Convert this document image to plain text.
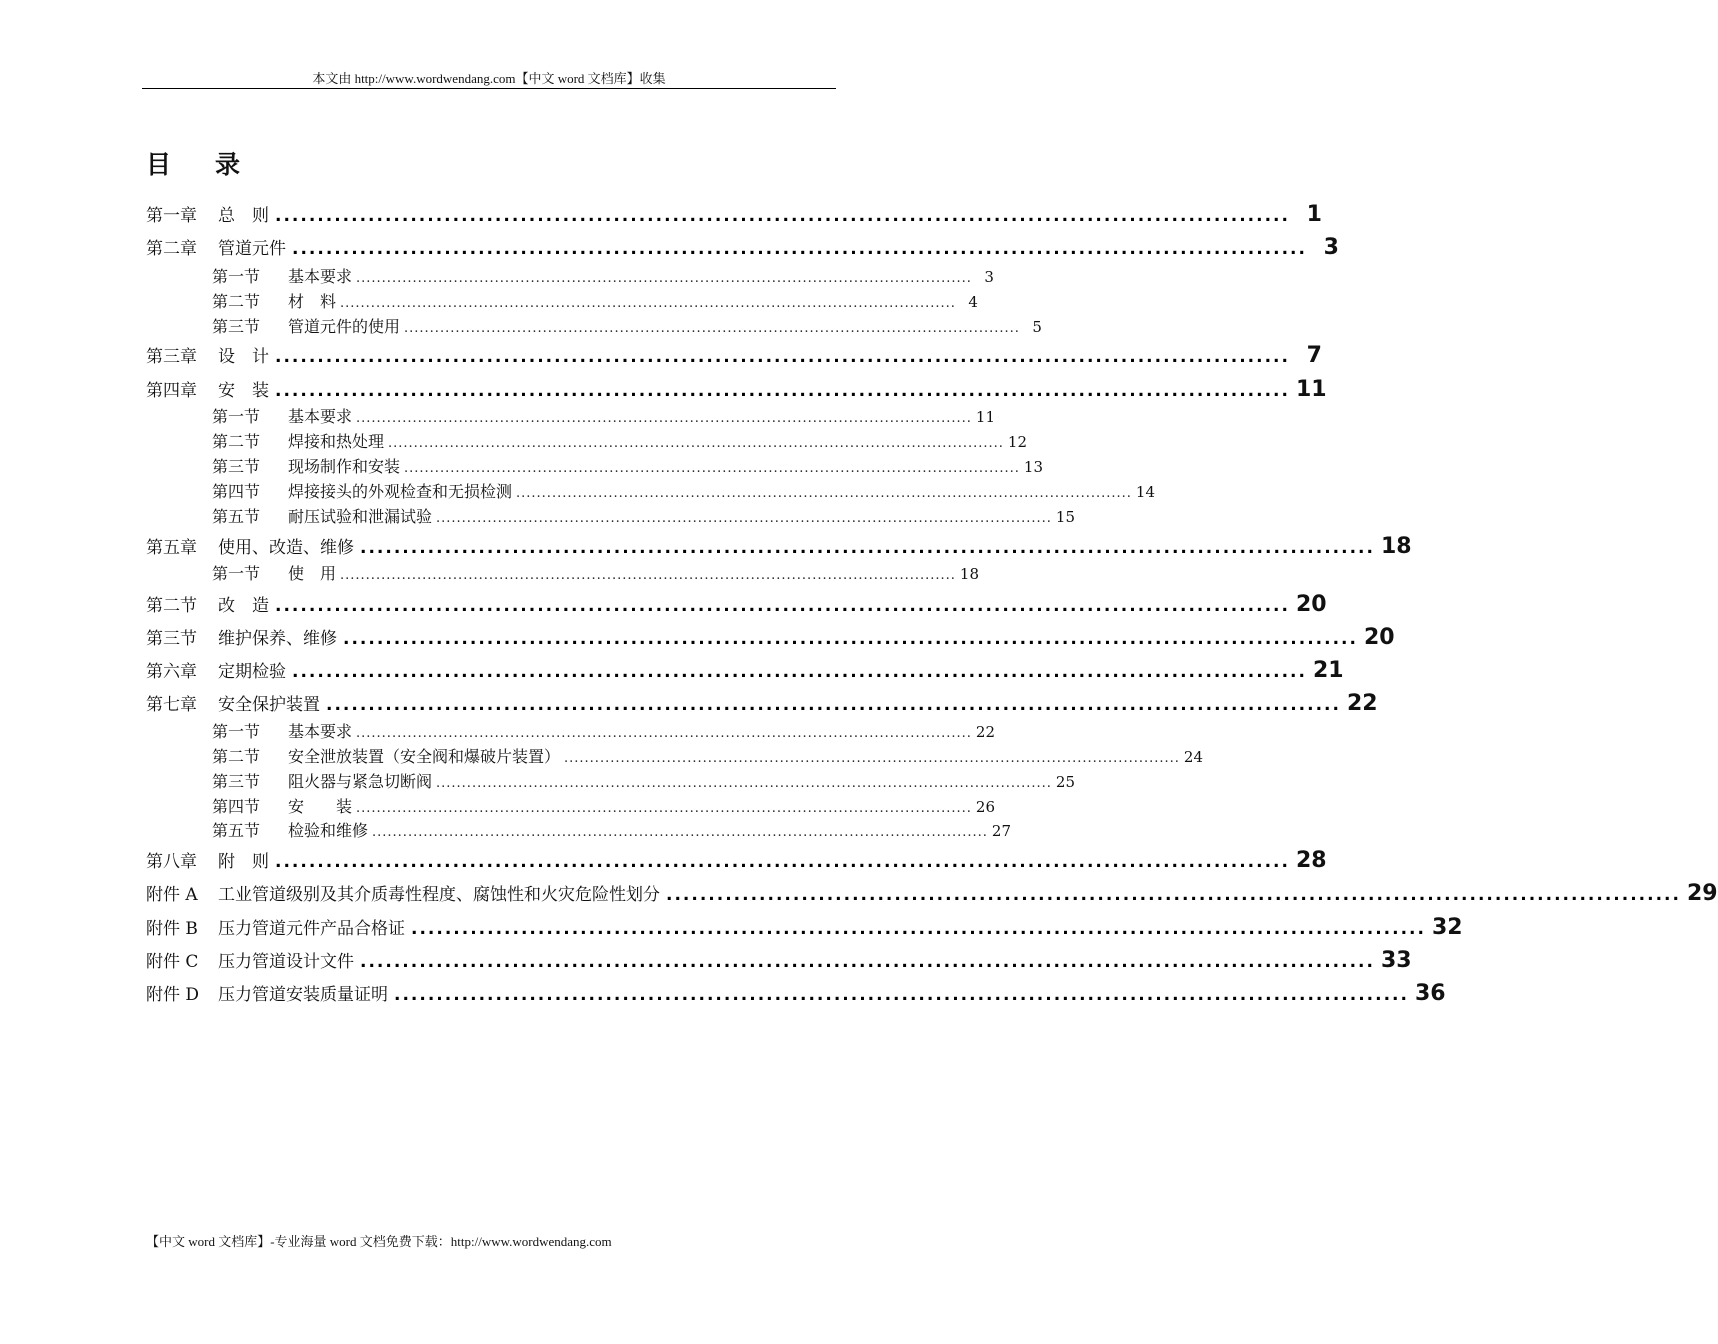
本文由 http://www.wordwendang.com【中文 word 文档库】收集
目 录
第一章	总　则 ........................................................................................................................ 1
第二章	管道元件 ........................................................................................................................ 3
第一节	基本要求 ........................................................................................................................ 3
第二节	材　料 ........................................................................................................................ 4
第三节	管道元件的使用 ........................................................................................................................ 5
第三章	设　计 ........................................................................................................................ 7
第四章	安　装 ........................................................................................................................ 11
第一节	基本要求 ........................................................................................................................ 11
第二节	焊接和热处理 ........................................................................................................................ 12
第三节	现场制作和安装 ........................................................................................................................ 13
第四节	焊接接头的外观检查和无损检测 ........................................................................................................................ 14
第五节	耐压试验和泄漏试验 ........................................................................................................................ 15
第五章	使用、改造、维修 ........................................................................................................................ 18
第一节	使　用 ........................................................................................................................ 18
第二节	改　造 ........................................................................................................................ 20
第三节	维护保养、维修 ........................................................................................................................ 20
第六章	定期检验 ........................................................................................................................ 21
第七章	安全保护装置 ........................................................................................................................ 22
第一节	基本要求 ........................................................................................................................ 22
第二节	安全泄放装置（安全阀和爆破片装置） ........................................................................................................................ 24
第三节	阻火器与紧急切断阀 ........................................................................................................................ 25
第四节	安　　装 ........................................................................................................................ 26
第五节	检验和维修 ........................................................................................................................ 27
第八章	附　则 ........................................................................................................................ 28
附件 A	工业管道级别及其介质毒性程度、腐蚀性和火灾危险性划分 ........................................................................................................................ 29
附件 B	压力管道元件产品合格证 ........................................................................................................................ 32
附件 C	压力管道设计文件 ........................................................................................................................ 33
附件 D	压力管道安装质量证明 ........................................................................................................................ 36
【中文 word 文档库】-专业海量 word 文档免费下载：http://www.wordwendang.com
